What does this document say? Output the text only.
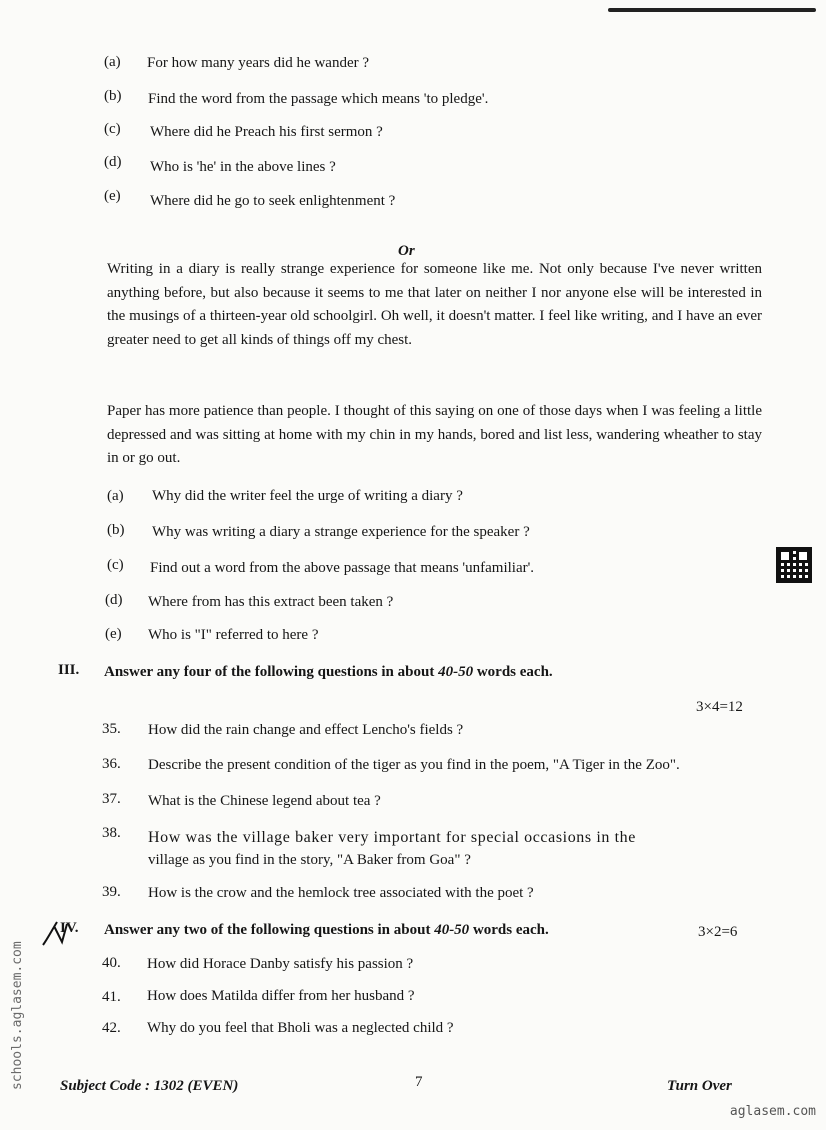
(a) For how many years did he wander ?
(b) Find the word from the passage which means 'to pledge'.
(c) Where did he Preach his first sermon ?
(d) Who is 'he' in the above lines ?
(e) Where did he go to seek enlightenment ?
Or
Writing in a diary is really strange experience for someone like me. Not only because I've never written anything before, but also because it seems to me that later on neither I nor anyone else will be interested in the musings of a thirteen-year old schoolgirl. Oh well, it doesn't matter. I feel like writing, and I have an ever greater need to get all kinds of things off my chest.
Paper has more patience than people. I thought of this saying on one of those days when I was feeling a little depressed and was sitting at home with my chin in my hands, bored and list less, wandering wheather to stay in or go out.
(a) Why did the writer feel the urge of writing a diary ?
(b) Why was writing a diary a strange experience for the speaker ?
(c) Find out a word from the above passage that means 'unfamiliar'.
(d) Where from has this extract been taken ?
(e) Who is "I" referred to here ?
III. Answer any four of the following questions in about 40-50 words each.
3×4=12
35. How did the rain change and effect Lencho's fields ?
36. Describe the present condition of the tiger as you find in the poem, "A Tiger in the Zoo".
37. What is the Chinese legend about tea ?
38. How was the village baker very important for special occasions in the
village as you find in the story, "A Baker from Goa" ?
39. How is the crow and the hemlock tree associated with the poet ?
IV. Answer any two of the following questions in about 40-50 words each.	3×2=6
40. How did Horace Danby satisfy his passion ?
41. How does Matilda differ from her husband ?
42. Why do you feel that Bholi was a neglected child ?
Subject Code : 1302 (EVEN)	7	Turn Over
schools.aglasem.com
aglasem.com
